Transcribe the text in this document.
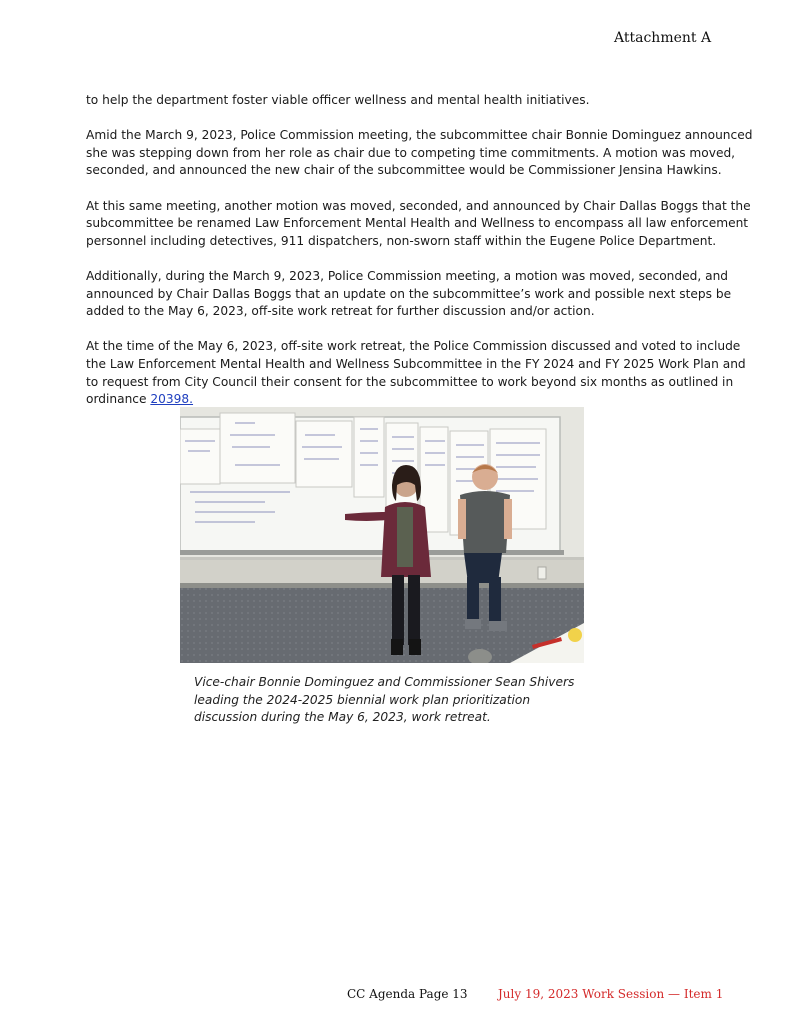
Attachment A

to help the department foster viable officer wellness and mental health initiatives.

Amid the March 9, 2023, Police Commission meeting, the subcommittee chair Bonnie Dominguez announced she was stepping down from her role as chair due to competing time commitments. A motion was moved, seconded, and announced the new chair of the subcommittee would be Commissioner Jensina Hawkins.

At this same meeting, another motion was moved, seconded, and announced by Chair Dallas Boggs that the subcommittee be renamed Law Enforcement Mental Health and Wellness to encompass all law enforcement personnel including detectives, 911 dispatchers, non-sworn staff within the Eugene Police Department.

Additionally, during the March 9, 2023, Police Commission meeting, a motion was moved, seconded, and announced by Chair Dallas Boggs that an update on the subcommittee’s work and possible next steps be added to the May 6, 2023, off-site work retreat for further discussion and/or action.

At the time of the May 6, 2023, off-site work retreat, the Police Commission discussed and voted to include the Law Enforcement Mental Health and Wellness Subcommittee in the FY 2024 and FY 2025 Work Plan and to request from City Council their consent for the subcommittee to work beyond six months as outlined in ordinance 20398.

Vice-chair Bonnie Dominguez and Commissioner Sean Shivers leading the 2024-2025 biennial work plan prioritization discussion during the May 6, 2023, work retreat.
CC Agenda Page 13	July 19, 2023 Work Session — Item 1
